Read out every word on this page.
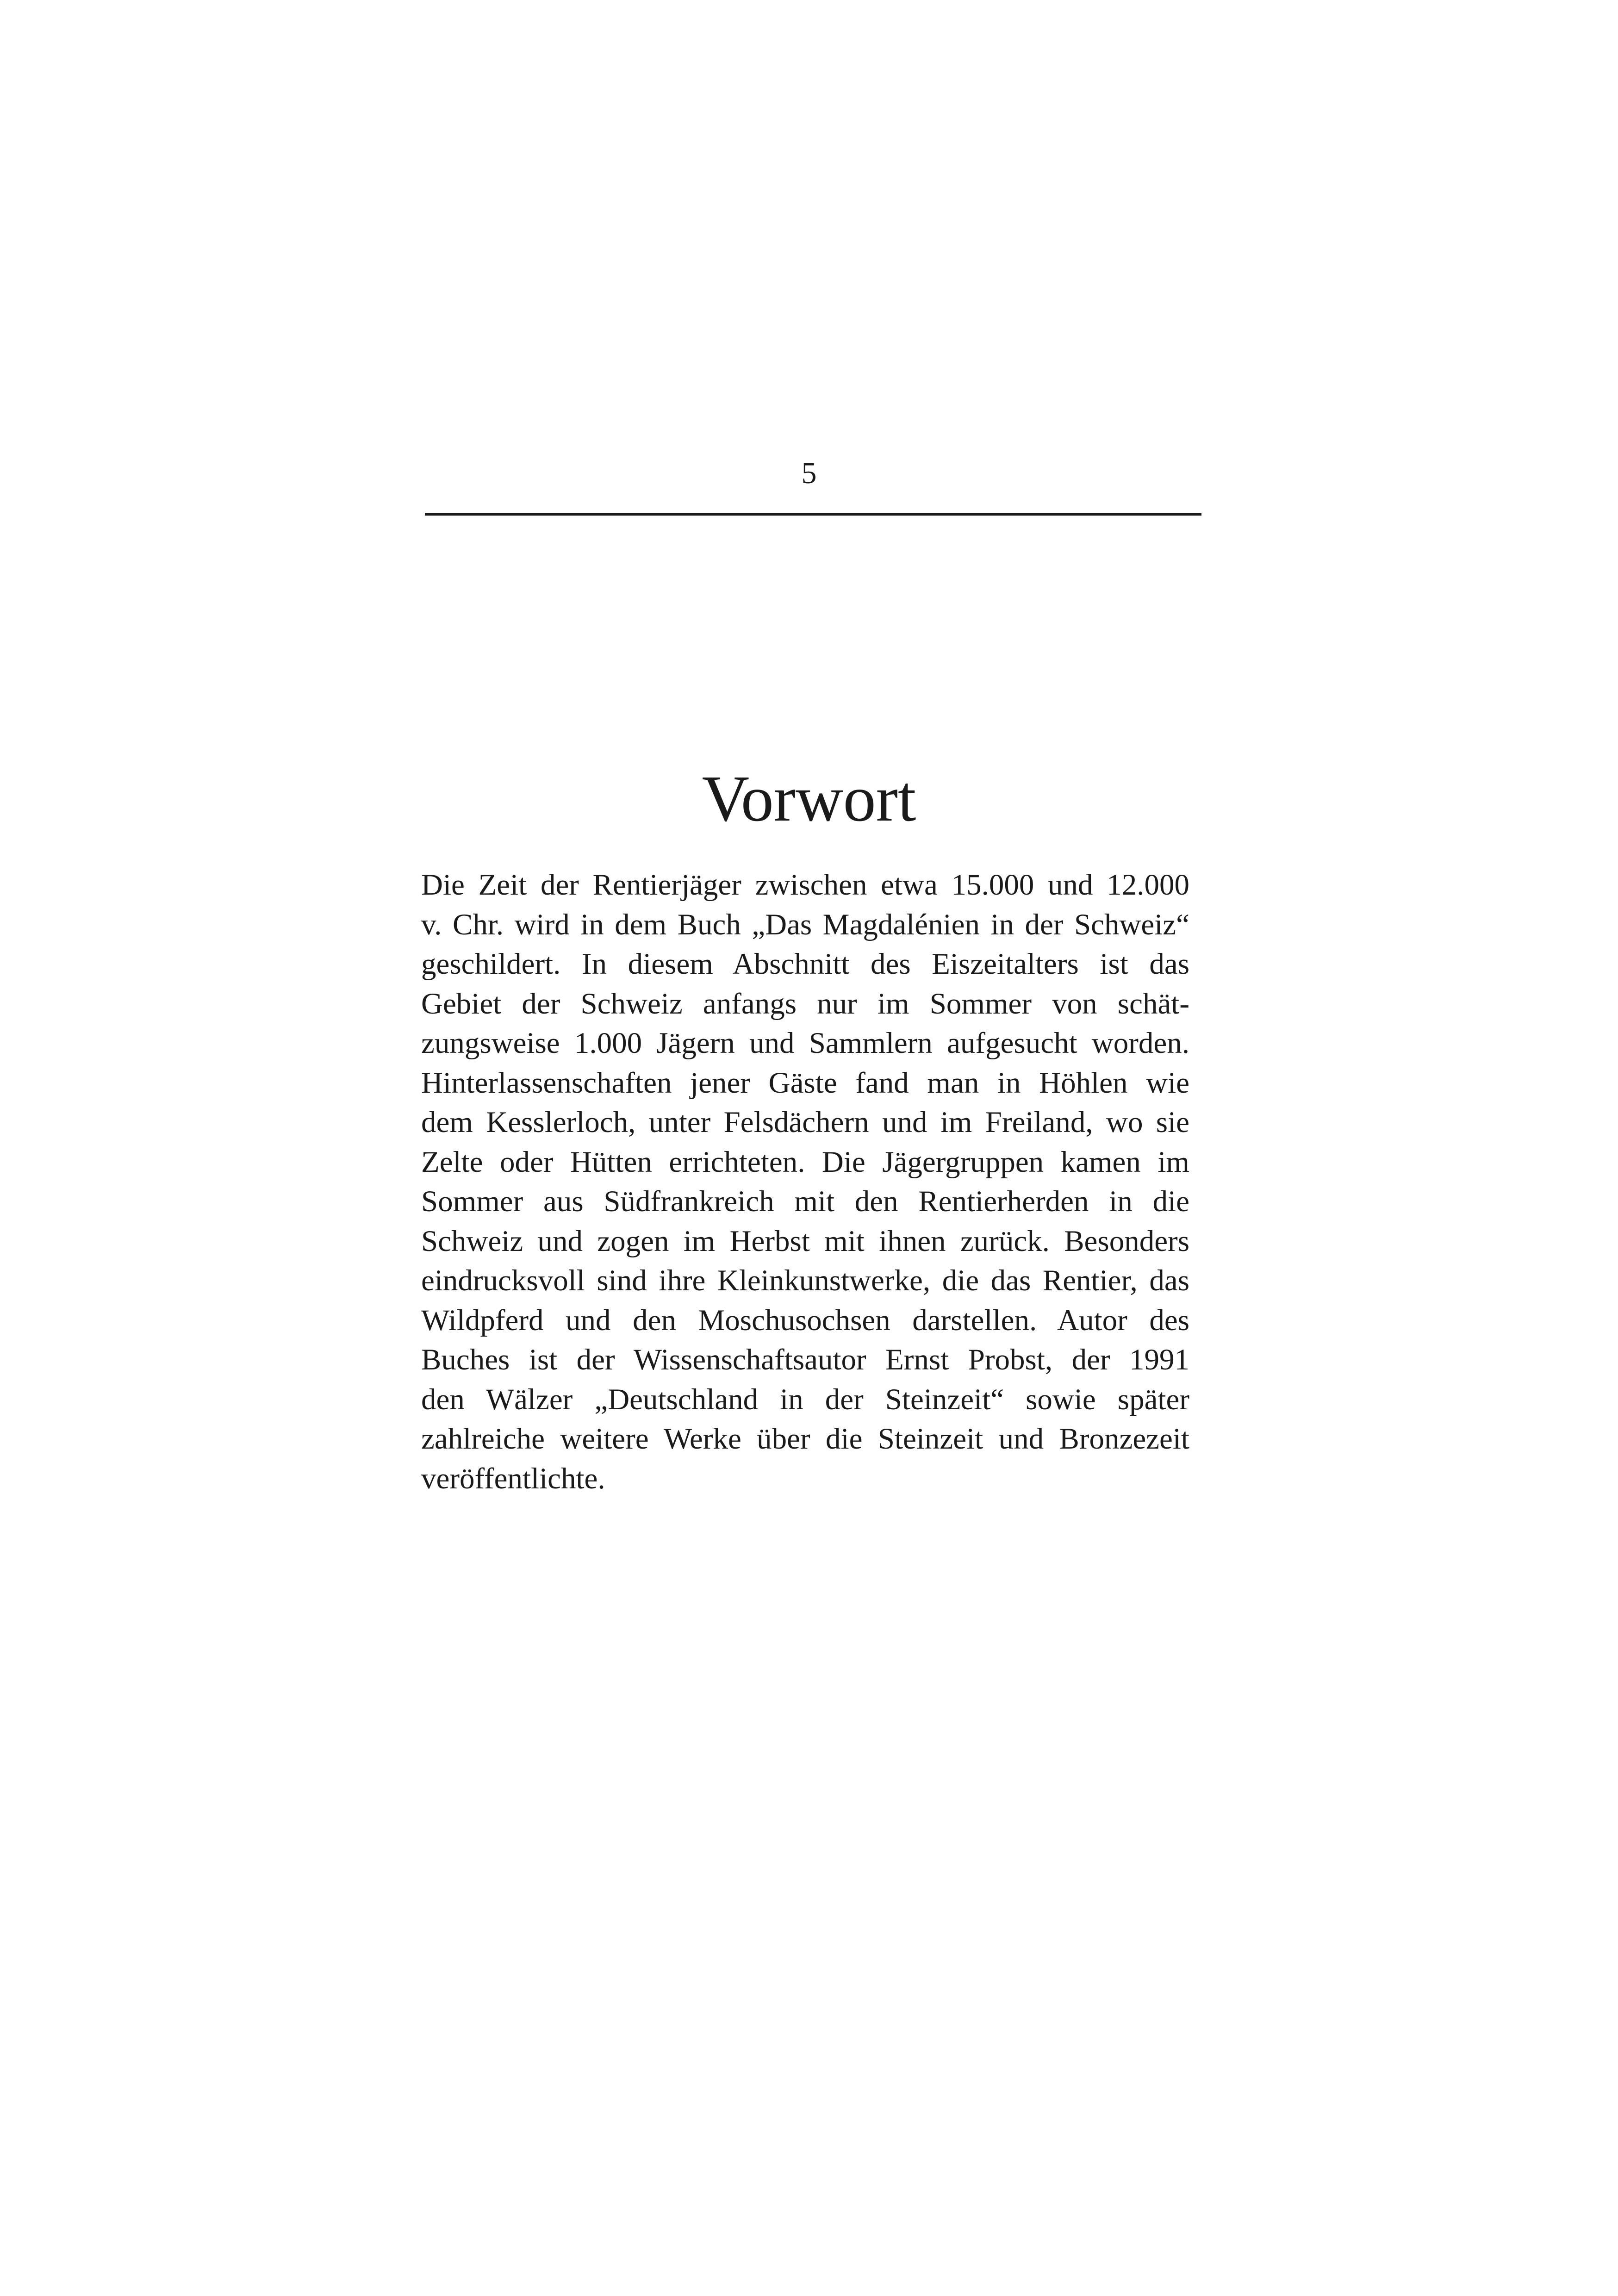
5
Vorwort
Die Zeit der Rentierjäger zwischen etwa 15.000 und 12.000
v. Chr. wird in dem Buch „Das Magdalénien in der Schweiz“
geschildert. In diesem Abschnitt des Eiszeitalters ist das
Gebiet der Schweiz anfangs nur im Sommer von schät-
zungsweise 1.000 Jägern und Sammlern aufgesucht worden.
Hinterlassenschaften jener Gäste fand man in Höhlen wie
dem Kesslerloch, unter Felsdächern und im Freiland, wo sie
Zelte oder Hütten errichteten. Die Jägergruppen kamen im
Sommer aus Südfrankreich mit den Rentierherden in die
Schweiz und zogen im Herbst mit ihnen zurück. Besonders
eindrucksvoll sind ihre Kleinkunstwerke, die das Rentier, das
Wildpferd und den Moschusochsen darstellen. Autor des
Buches ist der Wissenschaftsautor Ernst Probst, der 1991
den Wälzer „Deutschland in der Steinzeit“ sowie später
zahlreiche weitere Werke über die Steinzeit und Bronzezeit
veröffentlichte.
